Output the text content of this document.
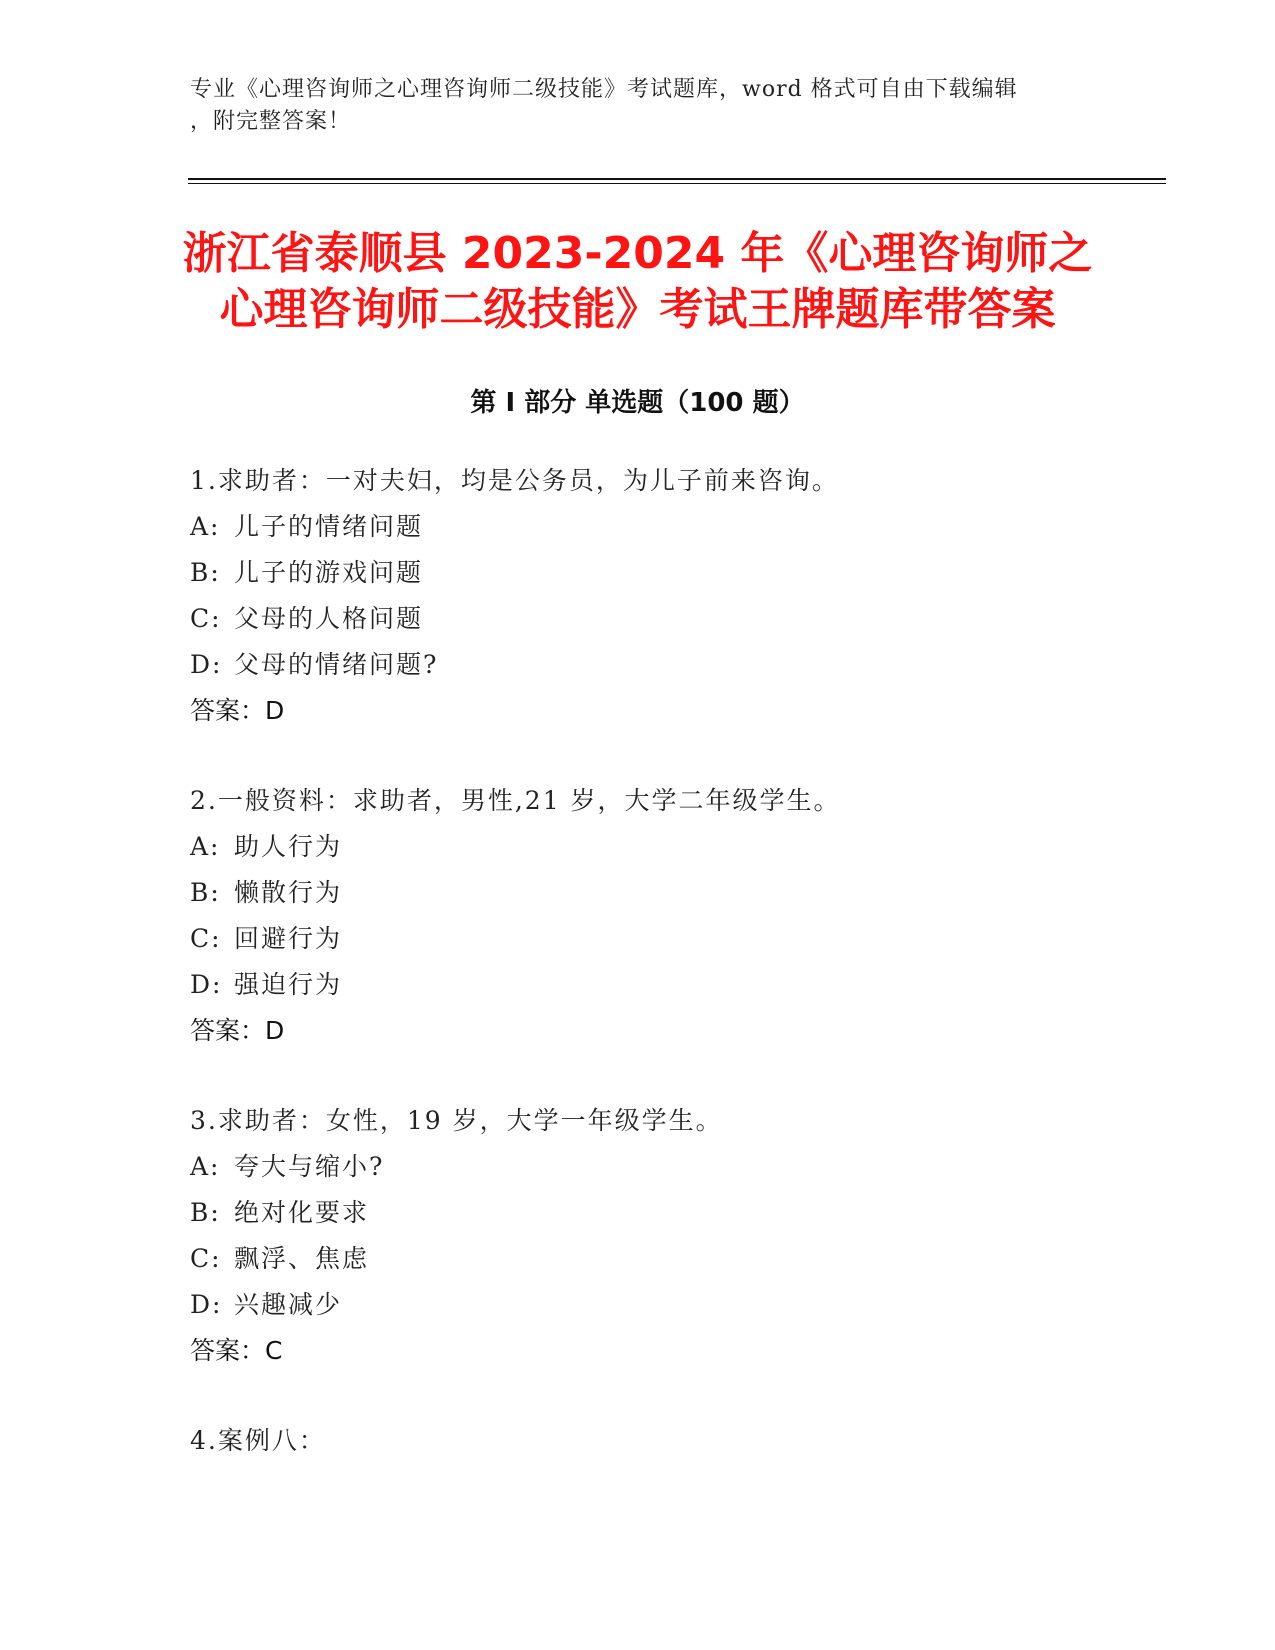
专业《心理咨询师之心理咨询师二级技能》考试题库，word 格式可自由下载编辑
，附完整答案！
浙江省泰顺县 2023-2024 年《心理咨询师之
心理咨询师二级技能》考试王牌题库带答案
第 I 部分 单选题（100 题）
1.求助者：一对夫妇，均是公务员，为儿子前来咨询。
A: 儿子的情绪问题
B: 儿子的游戏问题
C: 父母的人格问题
D: 父母的情绪问题?
答案：D
2.一般资料：求助者，男性,21 岁，大学二年级学生。
A: 助人行为
B: 懒散行为
C: 回避行为
D: 强迫行为
答案：D
3.求助者：女性，19 岁，大学一年级学生。
A: 夸大与缩小?
B: 绝对化要求
C: 飘浮、焦虑
D: 兴趣减少
答案：C
4.案例八：
